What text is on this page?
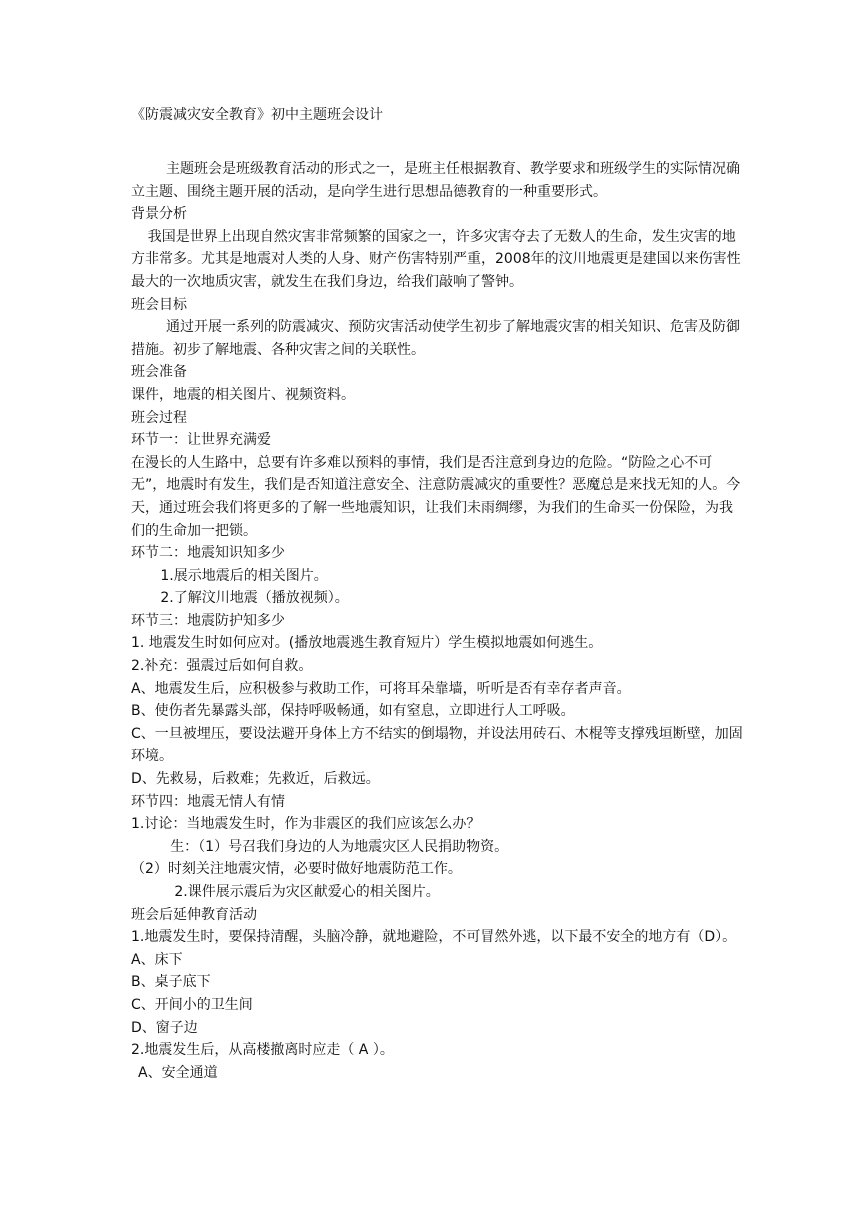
《防震减灾安全教育》初中主题班会设计

主题班会是班级教育活动的形式之一，是班主任根据教育、教学要求和班级学生的实际情况确立主题、围绕主题开展的活动，是向学生进行思想品德教育的一种重要形式。

背景分析

我国是世界上出现自然灾害非常频繁的国家之一，许多灾害夺去了无数人的生命，发生灾害的地方非常多。尤其是地震对人类的人身、财产伤害特别严重，2008年的汶川地震更是建国以来伤害性最大的一次地质灾害，就发生在我们身边，给我们敲响了警钟。

班会目标

通过开展一系列的防震减灾、预防灾害活动使学生初步了解地震灾害的相关知识、危害及防御措施。初步了解地震、各种灾害之间的关联性。

班会准备

课件，地震的相关图片、视频资料。

班会过程

环节一：让世界充满爱

在漫长的人生路中，总要有许多难以预料的事情，我们是否注意到身边的危险。“防险之心不可无”，地震时有发生，我们是否知道注意安全、注意防震减灾的重要性？恶魔总是来找无知的人。今天，通过班会我们将更多的了解一些地震知识，让我们未雨绸缪，为我们的生命买一份保险，为我们的生命加一把锁。

环节二：地震知识知多少

1.展示地震后的相关图片。

2.了解汶川地震（播放视频）。

环节三：地震防护知多少

1. 地震发生时如何应对。(播放地震逃生教育短片）学生模拟地震如何逃生。

2.补充：强震过后如何自救。

A、地震发生后，应积极参与救助工作，可将耳朵靠墙，听听是否有幸存者声音。

B、使伤者先暴露头部，保持呼吸畅通，如有窒息，立即进行人工呼吸。

C、一旦被埋压，要设法避开身体上方不结实的倒塌物，并设法用砖石、木棍等支撑残垣断壁，加固环境。

D、先救易，后救难；先救近，后救远。

环节四：地震无情人有情

1.讨论：当地震发生时，作为非震区的我们应该怎么办？

生：（1）号召我们身边的人为地震灾区人民捐助物资。

（2）时刻关注地震灾情，必要时做好地震防范工作。

2.课件展示震后为灾区献爱心的相关图片。

班会后延伸教育活动

1.地震发生时，要保持清醒，头脑冷静，就地避险，不可冒然外逃，以下最不安全的地方有（D）。

A、床下

B、桌子底下

C、开间小的卫生间

D、窗子边

2.地震发生后，从高楼撤离时应走（ A ）。

A、安全通道
